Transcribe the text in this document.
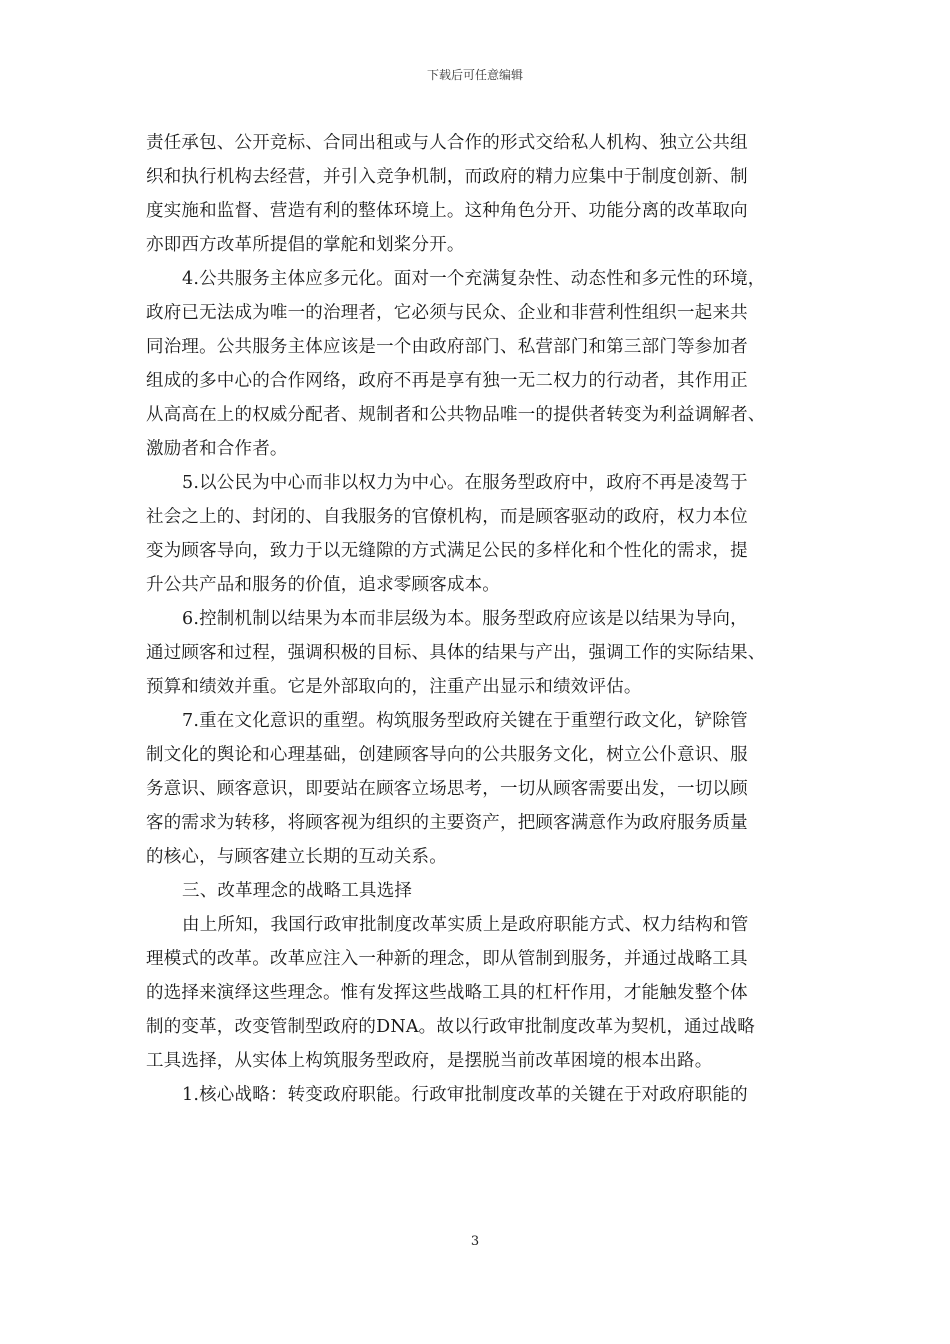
下载后可任意编辑
责任承包、公开竞标、合同出租或与人合作的形式交给私人机构、独立公共组
织和执行机构去经营，并引入竞争机制，而政府的精力应集中于制度创新、制
度实施和监督、营造有利的整体环境上。这种角色分开、功能分离的改革取向
亦即西方改革所提倡的掌舵和划桨分开。
4.公共服务主体应多元化。面对一个充满复杂性、动态性和多元性的环境，
政府已无法成为唯一的治理者，它必须与民众、企业和非营利性组织一起来共
同治理。公共服务主体应该是一个由政府部门、私营部门和第三部门等参加者
组成的多中心的合作网络，政府不再是享有独一无二权力的行动者，其作用正
从高高在上的权威分配者、规制者和公共物品唯一的提供者转变为利益调解者、
激励者和合作者。
5.以公民为中心而非以权力为中心。在服务型政府中，政府不再是凌驾于
社会之上的、封闭的、自我服务的官僚机构，而是顾客驱动的政府，权力本位
变为顾客导向，致力于以无缝隙的方式满足公民的多样化和个性化的需求，提
升公共产品和服务的价值，追求零顾客成本。
6.控制机制以结果为本而非层级为本。服务型政府应该是以结果为导向，
通过顾客和过程，强调积极的目标、具体的结果与产出，强调工作的实际结果、
预算和绩效并重。它是外部取向的，注重产出显示和绩效评估。
7.重在文化意识的重塑。构筑服务型政府关键在于重塑行政文化，铲除管
制文化的舆论和心理基础，创建顾客导向的公共服务文化，树立公仆意识、服
务意识、顾客意识，即要站在顾客立场思考，一切从顾客需要出发，一切以顾
客的需求为转移，将顾客视为组织的主要资产，把顾客满意作为政府服务质量
的核心，与顾客建立长期的互动关系。
三、改革理念的战略工具选择
由上所知，我国行政审批制度改革实质上是政府职能方式、权力结构和管
理模式的改革。改革应注入一种新的理念，即从管制到服务，并通过战略工具
的选择来演绎这些理念。惟有发挥这些战略工具的杠杆作用，才能触发整个体
制的变革，改变管制型政府的DNA。故以行政审批制度改革为契机，通过战略
工具选择，从实体上构筑服务型政府，是摆脱当前改革困境的根本出路。
1.核心战略：转变政府职能。行政审批制度改革的关键在于对政府职能的
3
